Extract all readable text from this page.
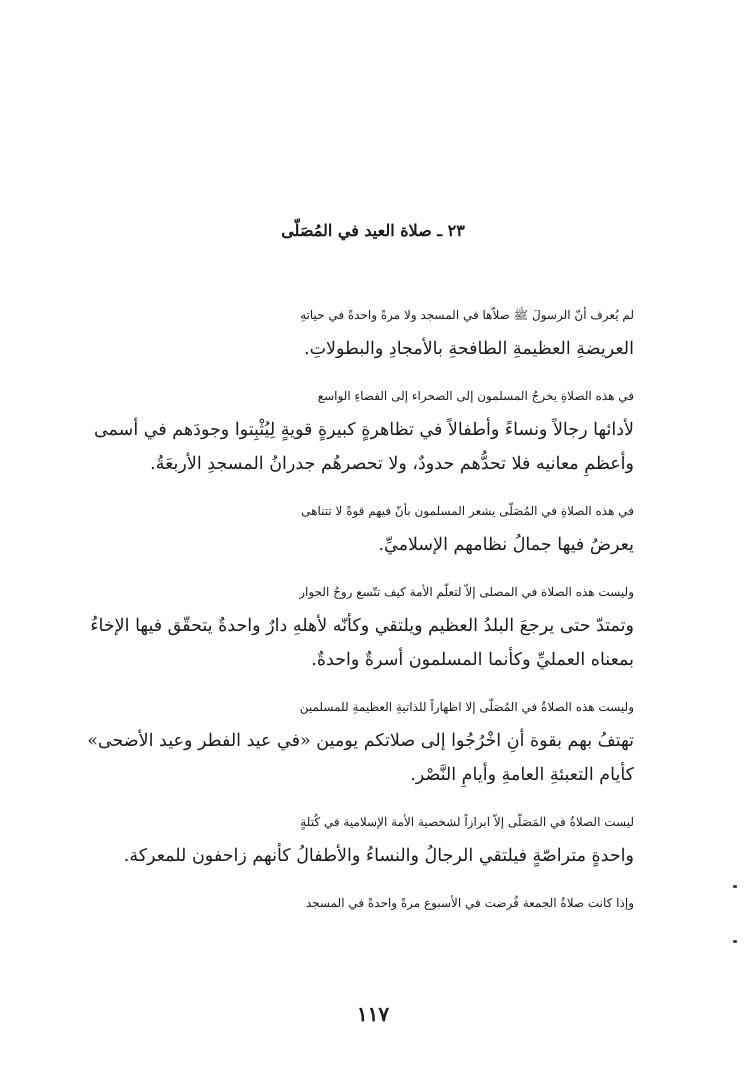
٢٣ ـ صلاة العيد في المُصَلّى

لم يُعرف أنّ الرسولَ ﷺ صلاّها في المسجد ولا مرةً واحدةً في حياتهِ
العريضةِ العظيمةِ الطافحةِ بالأمجادِ والبطولاتِ.

في هذه الصلاةِ يخرجُ المسلمون إلى الصحراء إلى الفضاءِ الواسع
لأدائها رجالاً ونساءً وأطفالاً في تظاهرةٍ كبيرةٍ قويةٍ لِيُثْبِتوا وجودَهم في أسمى
وأعظمِ معانيه فلا تحدُّهم حدودٌ، ولا تحصرهُم جدرانُ المسجدِ الأربعَةُ.

في هذه الصلاةِ في المُصَلّى يشعر المسلمون بأنّ فيهم قوةً لا تتناهى
يعرضُ فيها جمالُ نظامهم الإسلاميِّ.

وليست هذه الصلاة في المصلى إلاّ لتعلّم الأمة كيف تتّسع روحُ الجوار
وتمتدّ حتى يرجعَ البلدُ العظيم ويلتقي وكأنّه لأهلهِ دارٌ واحدةٌ يتحقّق فيها الإخاءُ
بمعناه العمليِّ وكأنما المسلمون أسرةٌ واحدةٌ.

وليست هذه الصلاةُ في المُصَلّى إلا اظهاراً للذاتيةِ العظيمةِ للمسلمين
تهتفُ بهم بقوة أنِ اخْرُجُوا إلى صلاتكم يومين «في عيد الفطر وعيد الأضحى»
كأيام التعبئةِ العامةِ وأيامِ النَّصْر.

ليست الصلاةُ في المَصَلّى إلاّ ابرازاً لشخصية الأمة الإسلامية في كُتلةٍ
واحدةٍ متراصّةٍ فيلتقي الرجالُ والنساءُ والأطفالُ كأنهم زاحفون للمعركة.

وإذا كانت صلاةُ الجمعة فُرضت في الأسبوع مرةً واحدةً في المسجد

١١٧
